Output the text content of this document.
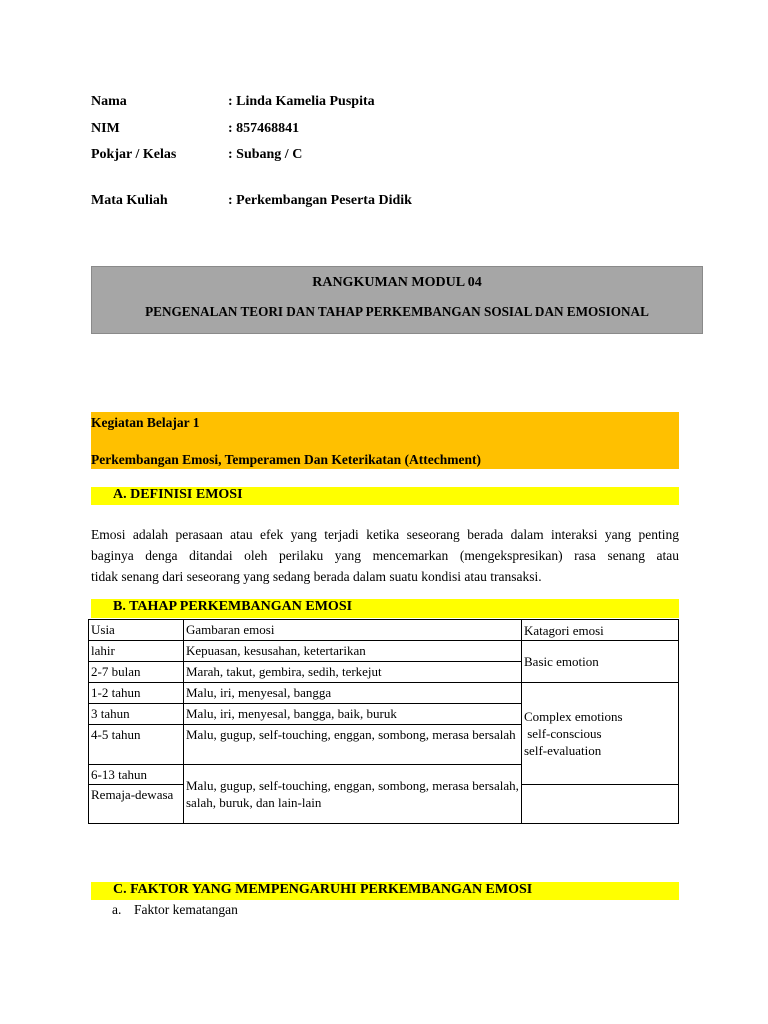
Nama	: Linda Kamelia Puspita
NIM	: 857468841
Pokjar / Kelas	: Subang / C
Mata Kuliah	: Perkembangan Peserta Didik
RANGKUMAN MODUL 04
PENGENALAN TEORI DAN TAHAP PERKEMBANGAN SOSIAL DAN EMOSIONAL
Kegiatan Belajar 1
Perkembangan Emosi, Temperamen Dan Keterikatan (Attechment)
A. DEFINISI EMOSI
Emosi adalah perasaan atau efek yang terjadi ketika seseorang berada dalam interaksi yang penting
baginya denga ditandai oleh perilaku yang mencemarkan (mengekspresikan) rasa senang atau
tidak senang dari seseorang yang sedang berada dalam suatu kondisi atau transaksi.
B. TAHAP PERKEMBANGAN EMOSI
Usia	Gambaran emosi	Katagori emosi
lahir	Kepuasan, kesusahan, ketertarikan	Basic emotion
2-7 bulan	Marah, takut, gembira, sedih, terkejut	
1-2 tahun	Malu, iri, menyesal, bangga	Complex emotions
self-conscious
self-evaluation

3 tahun	Malu, iri, menyesal, bangga, baik, buruk	
4-5 tahun	Malu, gugup, self-touching, enggan, sombong, merasa bersalah	
6-13 tahun	Malu, gugup, self-touching, enggan, sombong, merasa bersalah, salah, buruk, dan lain-lain	
Remaja-dewasa		
C. FAKTOR YANG MEMPENGARUHI PERKEMBANGAN EMOSI
a. Faktor kematangan
